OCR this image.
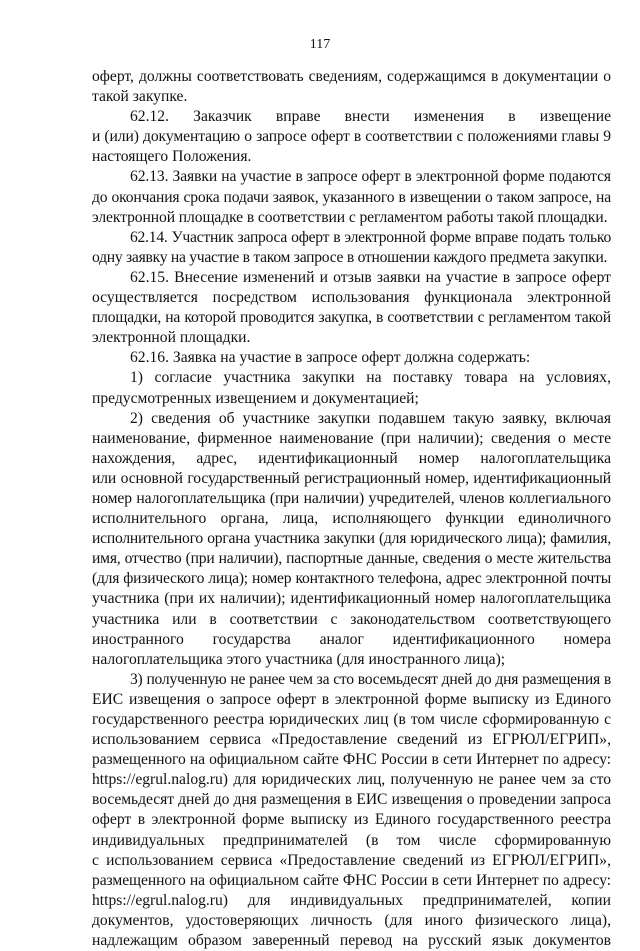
117
оферт, должны соответствовать сведениям, содержащимся в документации о
такой закупке.
62.12. Заказчик вправе внести изменения в извещение
и (или) документацию о запросе оферт в соответствии с положениями главы 9
настоящего Положения.
62.13. Заявки на участие в запросе оферт в электронной форме подаются
до окончания срока подачи заявок, указанного в извещении о таком запросе, на
электронной площадке в соответствии с регламентом работы такой площадки.
62.14. Участник запроса оферт в электронной форме вправе подать только
одну заявку на участие в таком запросе в отношении каждого предмета закупки.
62.15. Внесение изменений и отзыв заявки на участие в запросе оферт
осуществляется посредством использования функционала электронной
площадки, на которой проводится закупка, в соответствии с регламентом такой
электронной площадки.
62.16. Заявка на участие в запросе оферт должна содержать:
1) согласие участника закупки на поставку товара на условиях,
предусмотренных извещением и документацией;
2) сведения об участнике закупки подавшем такую заявку, включая
наименование, фирменное наименование (при наличии); сведения о месте
нахождения, адрес, идентификационный номер налогоплательщика
или основной государственный регистрационный номер, идентификационный
номер налогоплательщика (при наличии) учредителей, членов коллегиального
исполнительного органа, лица, исполняющего функции единоличного
исполнительного органа участника закупки (для юридического лица); фамилия,
имя, отчество (при наличии), паспортные данные, сведения о месте жительства
(для физического лица); номер контактного телефона, адрес электронной почты
участника (при их наличии); идентификационный номер налогоплательщика
участника или в соответствии с законодательством соответствующего
иностранного государства аналог идентификационного номера
налогоплательщика этого участника (для иностранного лица);
3) полученную не ранее чем за сто восемьдесят дней до дня размещения в
ЕИС извещения о запросе оферт в электронной форме выписку из Единого
государственного реестра юридических лиц (в том числе сформированную с
использованием сервиса «Предоставление сведений из ЕГРЮЛ/ЕГРИП»,
размещенного на официальном сайте ФНС России в сети Интернет по адресу:
https://egrul.nalog.ru) для юридических лиц, полученную не ранее чем за сто
восемьдесят дней до дня размещения в ЕИС извещения о проведении запроса
оферт в электронной форме выписку из Единого государственного реестра
индивидуальных предпринимателей (в том числе сформированную
с использованием сервиса «Предоставление сведений из ЕГРЮЛ/ЕГРИП»,
размещенного на официальном сайте ФНС России в сети Интернет по адресу:
https://egrul.nalog.ru) для индивидуальных предпринимателей, копии
документов, удостоверяющих личность (для иного физического лица),
надлежащим образом заверенный перевод на русский язык документов
